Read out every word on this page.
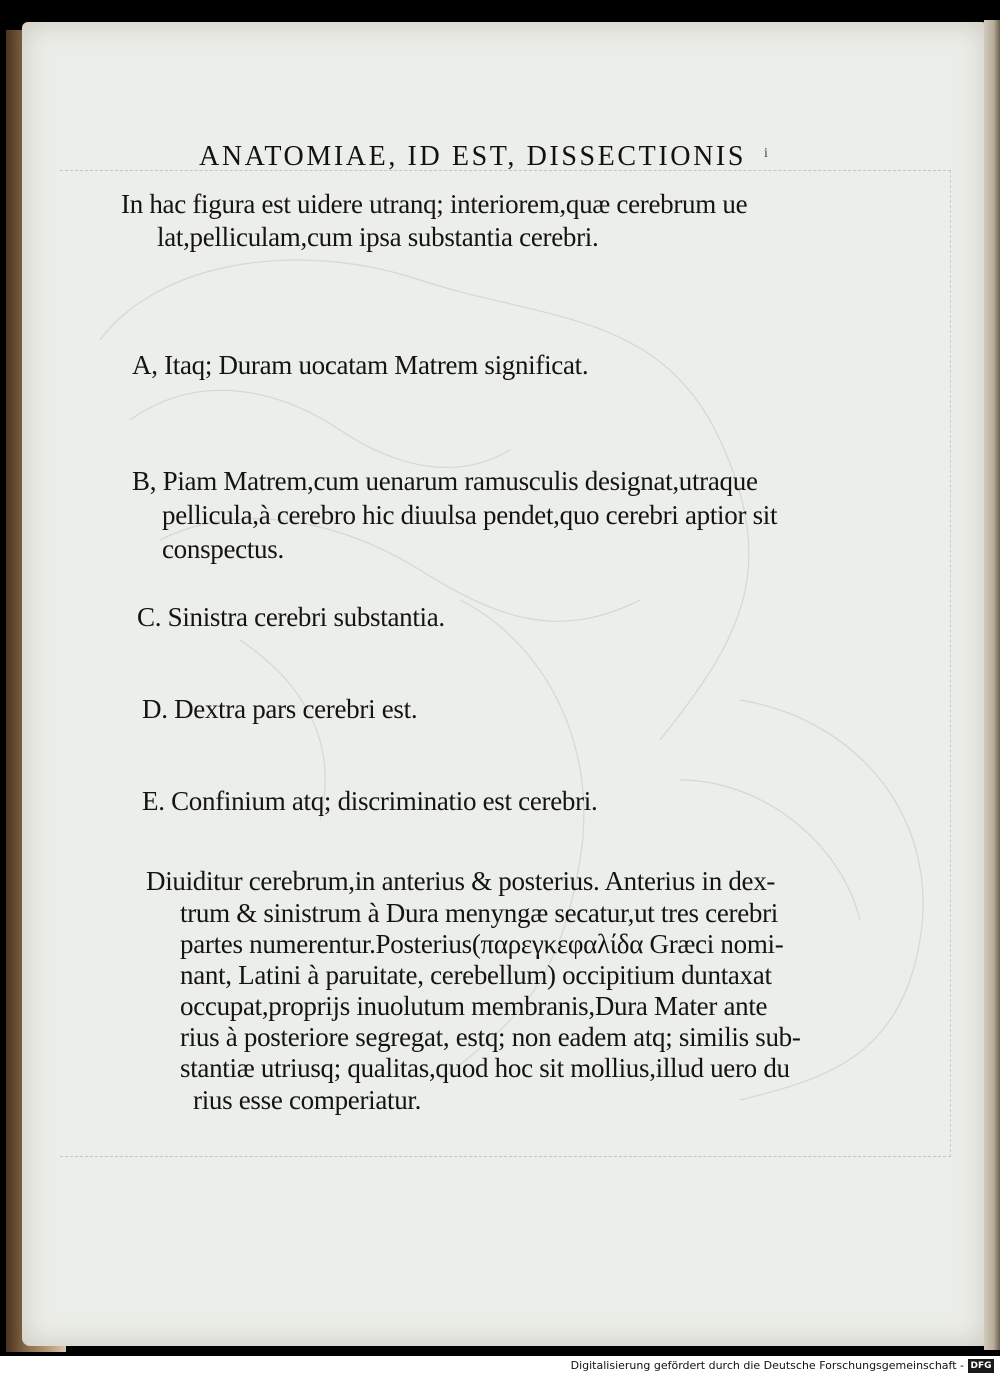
ANATOMIAE, ID EST, DISSECTIONIS i
In hac figura est uidere utranq; interiorem,quæ cerebrum ue
lat,pelliculam,cum ipsa substantia cerebri.
A, Itaq; Duram uocatam Matrem significat.
B, Piam Matrem,cum uenarum ramusculis designat,utraque
pellicula,à cerebro hic diuulsa pendet,quo cerebri aptior sit
conspectus.
C. Sinistra cerebri substantia.
D. Dextra pars cerebri est.
E. Confinium atq; discriminatio est cerebri.
Diuiditur cerebrum,in anterius & posterius. Anterius in dex-
trum & sinistrum à Dura menyngæ secatur,ut tres cerebri
partes numerentur.Posterius(παρεγκεφαλίδα Græci nomi-
nant, Latini à paruitate, cerebellum) occipitium duntaxat
occupat,proprijs inuolutum membranis,Dura Mater ante
rius à posteriore segregat, estq; non eadem atq; similis sub-
stantiæ utriusq; qualitas,quod hoc sit mollius,illud uero du
rius esse comperiatur.
Digitalisierung gefördert durch die Deutsche Forschungsgemeinschaft - DFG
